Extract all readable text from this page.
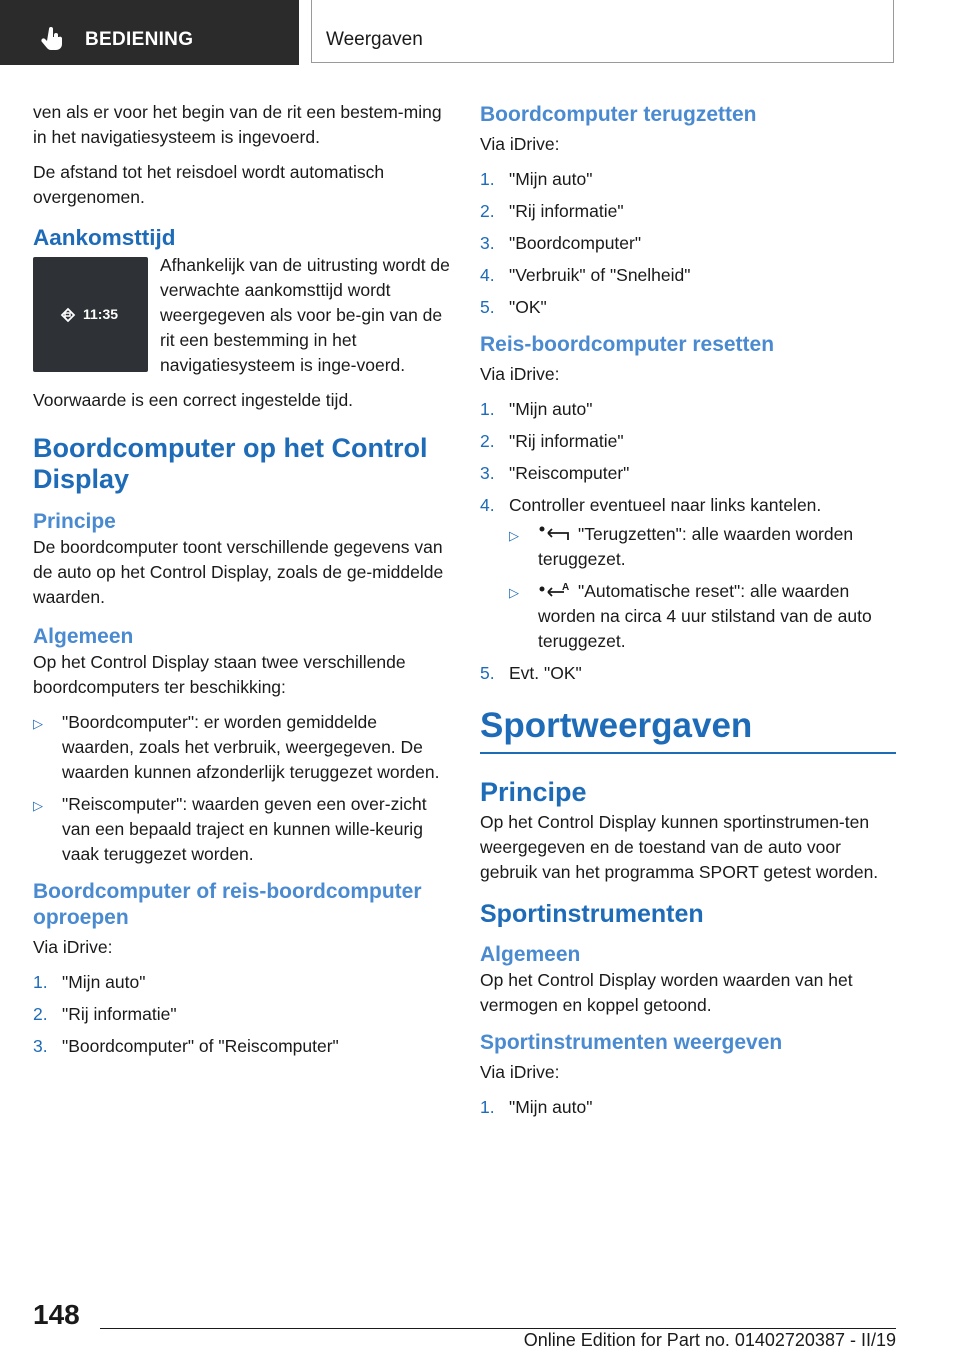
BEDIENING	Weergaven

ven als er voor het begin van de rit een bestem-ming in het navigatiesysteem is ingevoerd.

De afstand tot het reisdoel wordt automatisch overgenomen.

Aankomsttijd
11:35

Afhankelijk van de uitrusting wordt de verwachte aankomsttijd wordt weergegeven als voor be-gin van de rit een bestemming in het navigatiesysteem is inge-voerd.

Voorwaarde is een correct ingestelde tijd.

Boordcomputer op het Control Display
Principe

De boordcomputer toont verschillende gegevens van de auto op het Control Display, zoals de ge-middelde waarden.

Algemeen

Op het Control Display staan twee verschillende boordcomputers ter beschikking:

▷ "Boordcomputer": er worden gemiddelde waarden, zoals het verbruik, weergegeven. De waarden kunnen afzonderlijk teruggezet worden.
▷ "Reiscomputer": waarden geven een over-zicht van een bepaald traject en kunnen wille-keurig vaak teruggezet worden.
Boordcomputer of reis-boordcomputer oproepen

Via iDrive:

1. "Mijn auto"
2. "Rij informatie"
3. "Boordcomputer" of "Reiscomputer"
Boordcomputer terugzetten

Via iDrive:

1. "Mijn auto"
2. "Rij informatie"
3. "Boordcomputer"
4. "Verbruik" of "Snelheid"
5. "OK"
Reis-boordcomputer resetten

Via iDrive:

1. "Mijn auto"
2. "Rij informatie"
3. "Reiscomputer"
4. Controller eventueel naar links kantelen.
▷	"Terugzetten": alle waarden worden teruggezet.
▷	A "Automatische reset": alle waarden worden na circa 4 uur stilstand van de auto teruggezet.
5. Evt. "OK"
Sportweergaven
Principe

Op het Control Display kunnen sportinstrumen-ten weergegeven en de toestand van de auto voor gebruik van het programma SPORT getest worden.

Sportinstrumenten
Algemeen

Op het Control Display worden waarden van het vermogen en koppel getoond.

Sportinstrumenten weergeven

Via iDrive:

1. "Mijn auto"
148
Online Edition for Part no. 01402720387 - II/19
